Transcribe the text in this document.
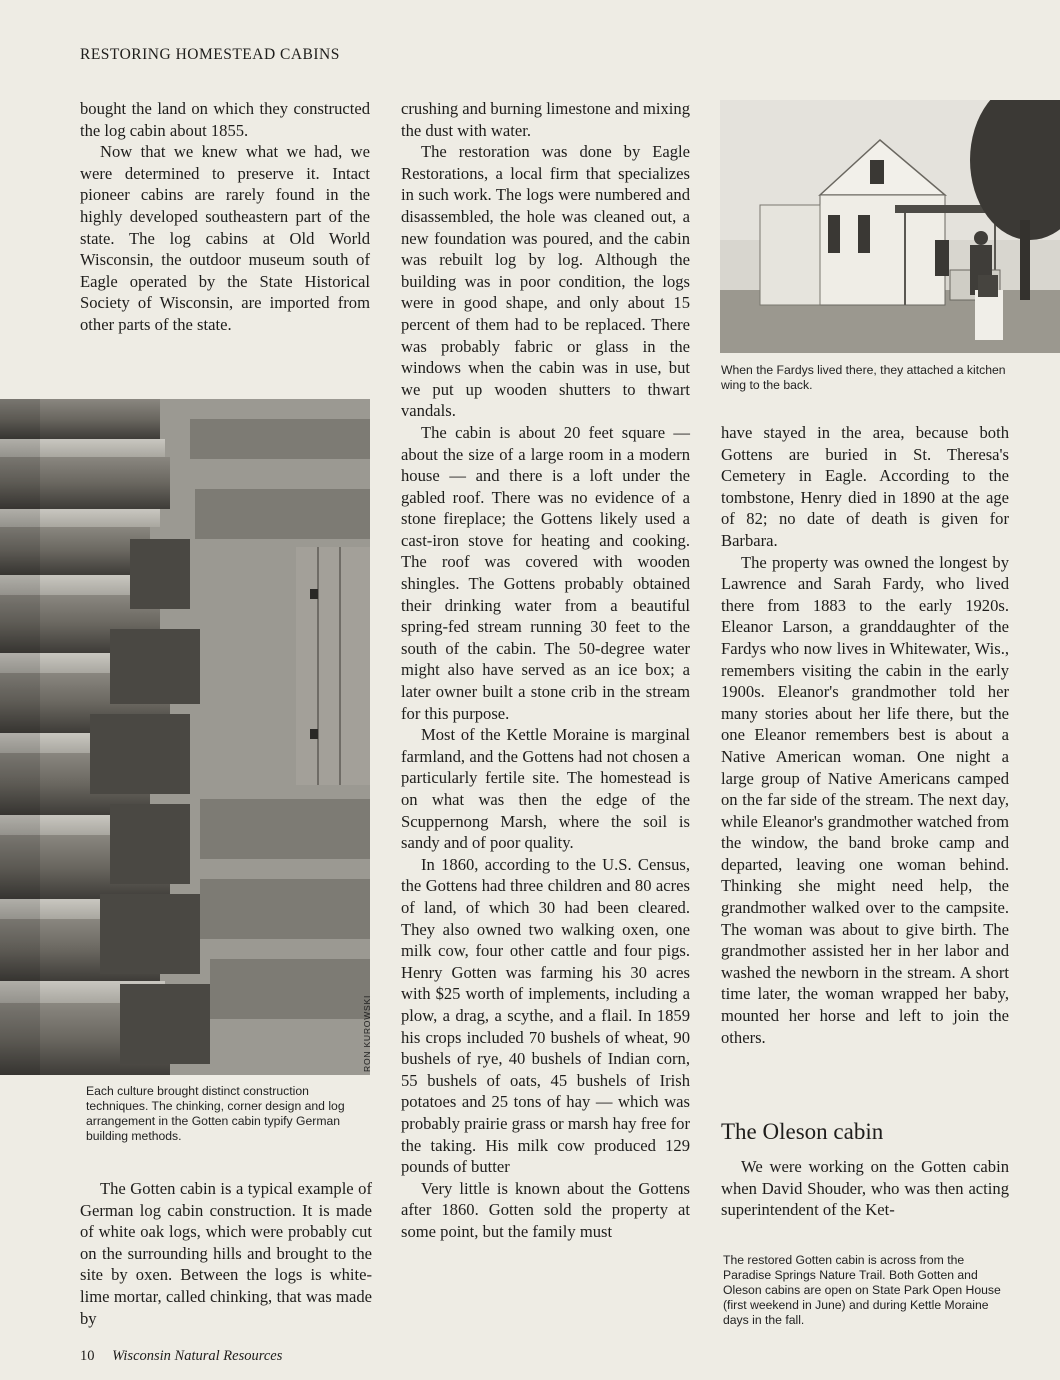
RESTORING HOMESTEAD CABINS

bought the land on which they constructed the log cabin about 1855.

Now that we knew what we had, we were determined to preserve it. Intact pioneer cabins are rarely found in the highly developed southeastern part of the state. The log cabins at Old World Wisconsin, the outdoor museum south of Eagle operated by the State Historical Society of Wisconsin, are imported from other parts of the state.

RON KUROWSKI
Each culture brought distinct construction techniques. The chinking, corner design and log arrangement in the Gotten cabin typify German building methods.

The Gotten cabin is a typical example of German log cabin construction. It is made of white oak logs, which were probably cut on the surrounding hills and brought to the site by oxen. Between the logs is white-lime mortar, called chinking, that was made by

crushing and burning limestone and mixing the dust with water.

The restoration was done by Eagle Restorations, a local firm that specializes in such work. The logs were numbered and disassembled, the hole was cleaned out, a new foundation was poured, and the cabin was rebuilt log by log. Although the building was in poor condition, the logs were in good shape, and only about 15 percent of them had to be replaced. There was probably fabric or glass in the windows when the cabin was in use, but we put up wooden shutters to thwart vandals.

The cabin is about 20 feet square — about the size of a large room in a modern house — and there is a loft under the gabled roof. There was no evidence of a stone fireplace; the Gottens likely used a cast-iron stove for heating and cooking. The roof was covered with wooden shingles. The Gottens probably obtained their drinking water from a beautiful spring-fed stream running 30 feet to the south of the cabin. The 50-degree water might also have served as an ice box; a later owner built a stone crib in the stream for this purpose.

Most of the Kettle Moraine is marginal farmland, and the Gottens had not chosen a particularly fertile site. The homestead is on what was then the edge of the Scuppernong Marsh, where the soil is sandy and of poor quality.

In 1860, according to the U.S. Census, the Gottens had three children and 80 acres of land, of which 30 had been cleared. They also owned two walking oxen, one milk cow, four other cattle and four pigs. Henry Gotten was farming his 30 acres with $25 worth of implements, including a plow, a drag, a scythe, and a flail. In 1859 his crops included 70 bushels of wheat, 90 bushels of rye, 40 bushels of Indian corn, 55 bushels of oats, 45 bushels of Irish potatoes and 25 tons of hay — which was probably prairie grass or marsh hay free for the taking. His milk cow produced 129 pounds of butter

Very little is known about the Gottens after 1860. Gotten sold the property at some point, but the family must

When the Fardys lived there, they attached a kitchen wing to the back.

have stayed in the area, because both Gottens are buried in St. Theresa's Cemetery in Eagle. According to the tombstone, Henry died in 1890 at the age of 82; no date of death is given for Barbara.

The property was owned the longest by Lawrence and Sarah Fardy, who lived there from 1883 to the early 1920s. Eleanor Larson, a granddaughter of the Fardys who now lives in Whitewater, Wis., remembers visiting the cabin in the early 1900s. Eleanor's grandmother told her many stories about her life there, but the one Eleanor remembers best is about a Native American woman. One night a large group of Native Americans camped on the far side of the stream. The next day, while Eleanor's grandmother watched from the window, the band broke camp and departed, leaving one woman behind. Thinking she might need help, the grandmother walked over to the campsite. The woman was about to give birth. The grandmother assisted her in her labor and washed the newborn in the stream. A short time later, the woman wrapped her baby, mounted her horse and left to join the others.

The Oleson cabin

We were working on the Gotten cabin when David Shouder, who was then acting superintendent of the Ket-

The restored Gotten cabin is across from the Paradise Springs Nature Trail. Both Gotten and Oleson cabins are open on State Park Open House (first weekend in June) and during Kettle Moraine days in the fall.
10 Wisconsin Natural Resources
